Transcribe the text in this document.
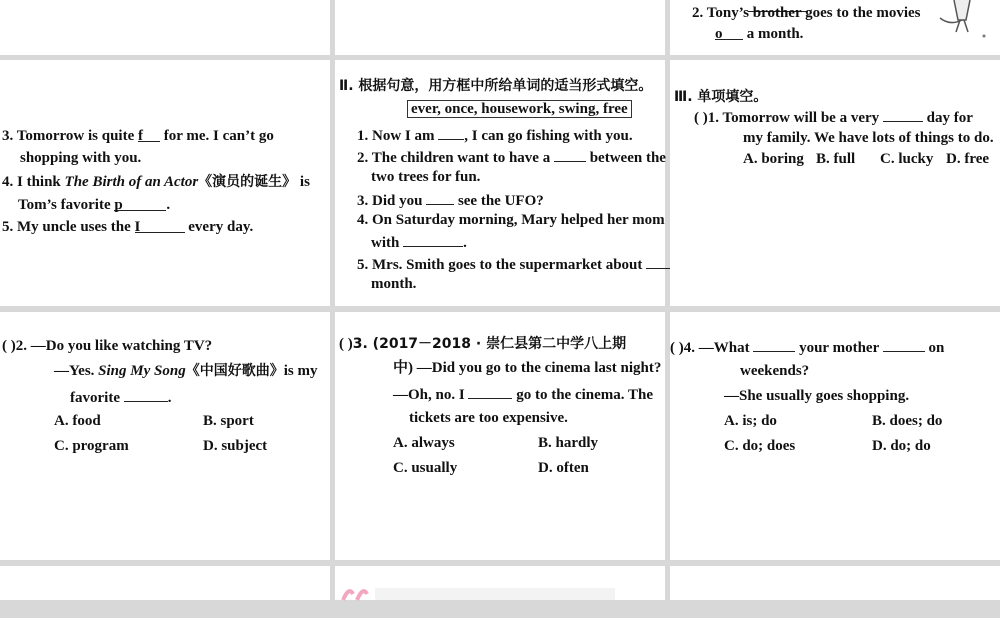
2. Tony’s brother goes to the movies
o a month.
3. Tomorrow is quite f for me. I can’t go
shopping with you.
4. I think The Birth of an Actor《演员的诞生》 is
Tom’s favorite p	.
5. My uncle uses the I	every day.
Ⅱ. 根据句意，用方框中所给单词的适当形式填空。
ever, once, housework, swing, free
1. Now I am , I can go fishing with you.
2. The children want to have a	between the
two trees for fun.
3. Did you see the UFO?
4. On Saturday morning, Mary helped her mom
with	.
5. Mrs. Smith goes to the supermarket about
month.
Ⅲ. 单项填空。
( )1. Tomorrow will be a very	day for
my family. We have lots of things to do.
A. boring B. full C. lucky D. free
( )2. —Do you like watching TV?
—Yes. Sing My Song《中国好歌曲》is my
favorite	.
A. food	B. sport
C. program	D. subject
( )3. (2017－2018 · 崇仁县第二中学八上期
中) —Did you go to the cinema last night?
—Oh, no. I	go to the cinema. The
tickets are too expensive.
A. always	B. hardly
C. usually	D. often
( )4. —What	your mother	on
weekends?
—She usually goes shopping.
A. is; do	B. does; do
C. do; does	D. do; do
